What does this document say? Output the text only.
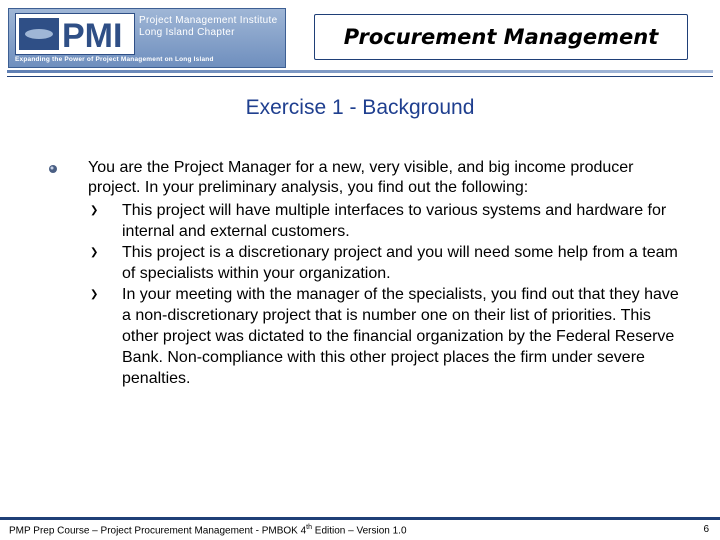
PMI Project Management Institute
Long Island Chapter
Expanding the Power of Project Management on Long Island
Procurement Management
Exercise 1 - Background
You are the Project Manager for a new, very visible, and big income producer project. In your preliminary analysis, you find out the following:
❯ This project will have multiple interfaces to various systems and hardware for internal and external customers.
❯ This project is a discretionary project and you will need some help from a team of specialists within your organization.
❯ In your meeting with the manager of the specialists, you find out that they have a non-discretionary project that is number one on their list of priorities. This other project was dictated to the financial organization by the Federal Reserve Bank. Non-compliance with this other project places the firm under severe penalties.
PMP Prep Course – Project Procurement Management - PMBOK 4th Edition – Version 1.0	6
